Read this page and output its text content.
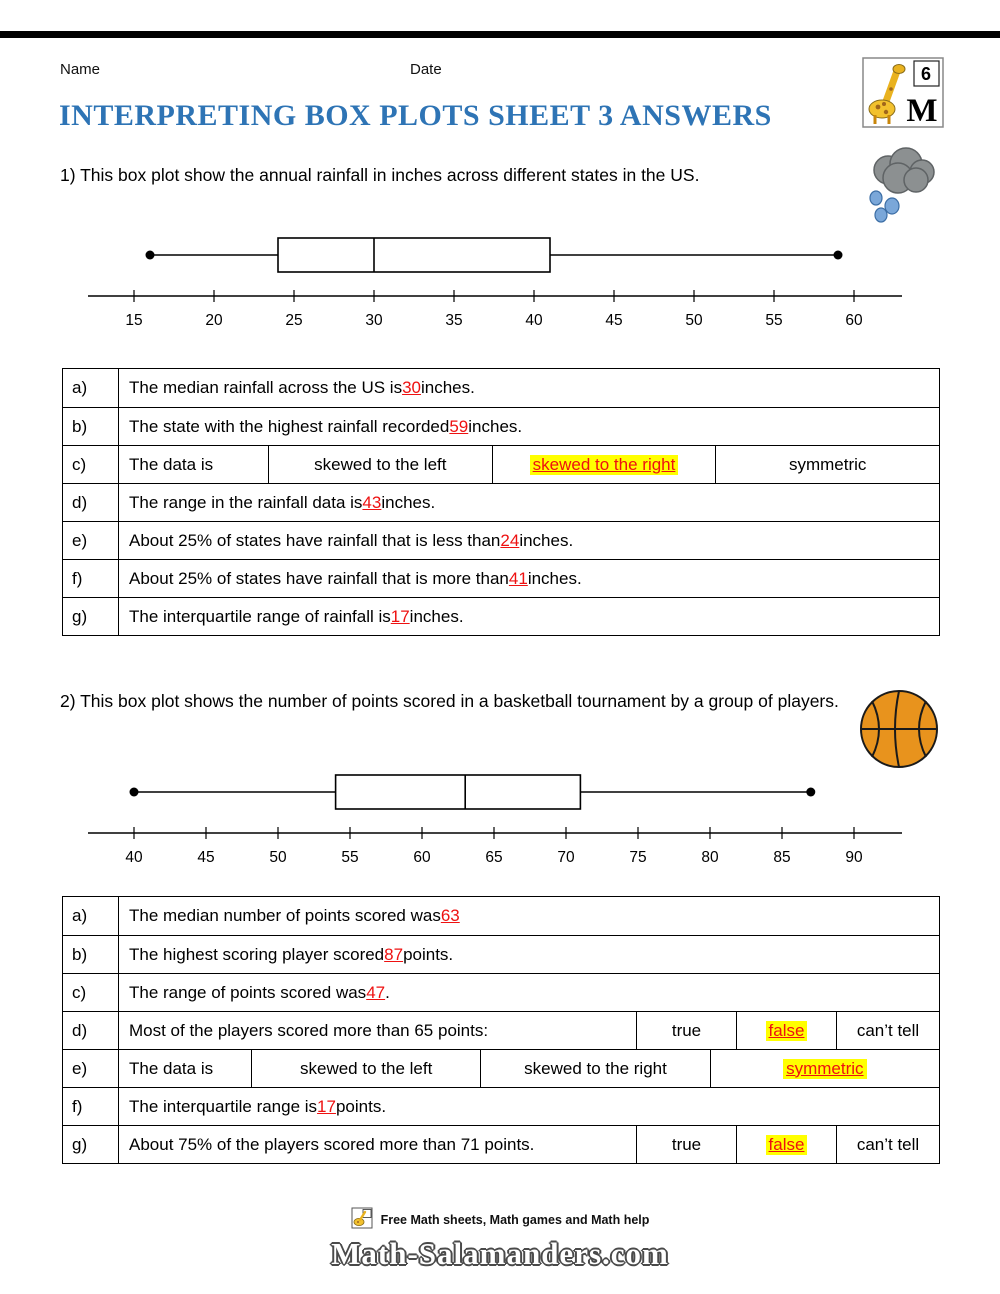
Name	Date	6
M
INTERPRETING BOX PLOTS SHEET 3 ANSWERS
1) This box plot show the annual rainfall in inches across different states in the US.
15	20	25	30	35	40	45	50	55	60
a)	The median rainfall across the US is 30 inches.
b)	The state with the highest rainfall recorded 59 inches.
c)	The data is	skewed to the left	skewed to the right	symmetric
d)	The range in the rainfall data is 43 inches.
e)	About 25% of states have rainfall that is less than 24 inches.
f)	About 25% of states have rainfall that is more than 41 inches.
g)	The interquartile range of rainfall is 17 inches.
2) This box plot shows the number of points scored in a basketball tournament by a group of players.
40	45	50	55	60	65	70	75	80	85	90
a)	The median number of points scored was 63
b)	The highest scoring player scored 87 points.
c)	The range of points scored was 47 .
d)	Most of the players scored more than 65 points:	true	false	can’t tell
e)	The data is	skewed to the left	skewed to the right	symmetric
f)	The interquartile range is 17 points.
g)	About 75% of the players scored more than 71 points.	true	false	can’t tell
Free Math sheets, Math games and Math help
Math-Salamanders.com
